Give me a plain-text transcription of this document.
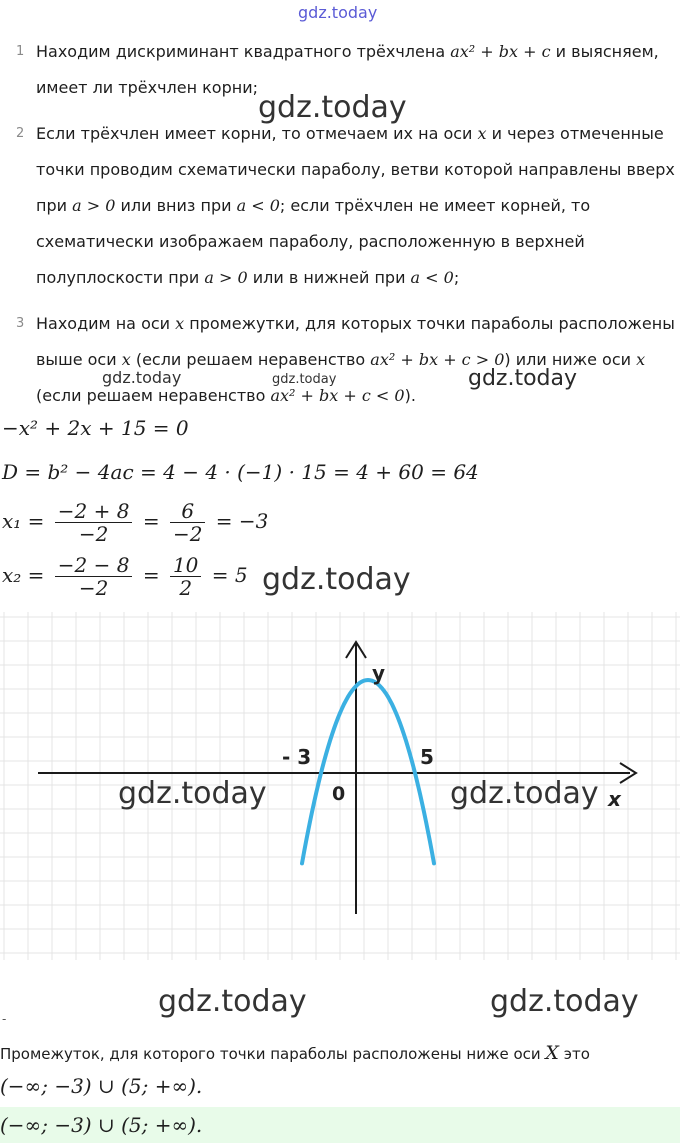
gdz.today
1 Находим дискриминант квадратного трёхчлена ax² + bx + c и выясняем, имеет ли трёхчлен корни;
2 Если трёхчлен имеет корни, то отмечаем их на оси x и через отмеченные точки проводим схематически параболу, ветви которой направлены вверх при a > 0 или вниз при a < 0; если трёхчлен не имеет корней, то схематически изображаем параболу, расположенную в верхней полуплоскости при a > 0 или в нижней при a < 0;
3 Находим на оси x промежутки, для которых точки параболы расположены выше оси x (если решаем неравенство ax² + bx + c > 0) или ниже оси x (если решаем неравенство ax² + bx + c < 0).
gdz.today
gdz.today	gdz.today	gdz.today
−x² + 2x + 15 = 0
D = b² − 4ac = 4 − 4 · (−1) · 15 = 4 + 60 = 64
$x_1 = \frac{-2 + 8}{-2} = \frac{6}{-2} = -3$
$x_2 = \frac{-2 - 8}{-2} = \frac{10}{2} = 5$ gdz.today
y
x
0
- 3	5
gdz.today	gdz.today
gdz.today	gdz.today
-
Промежуток, для которого точки параболы расположены ниже оси X это
(−∞; −3) ∪ (5; +∞).
(−∞; −3) ∪ (5; +∞).
